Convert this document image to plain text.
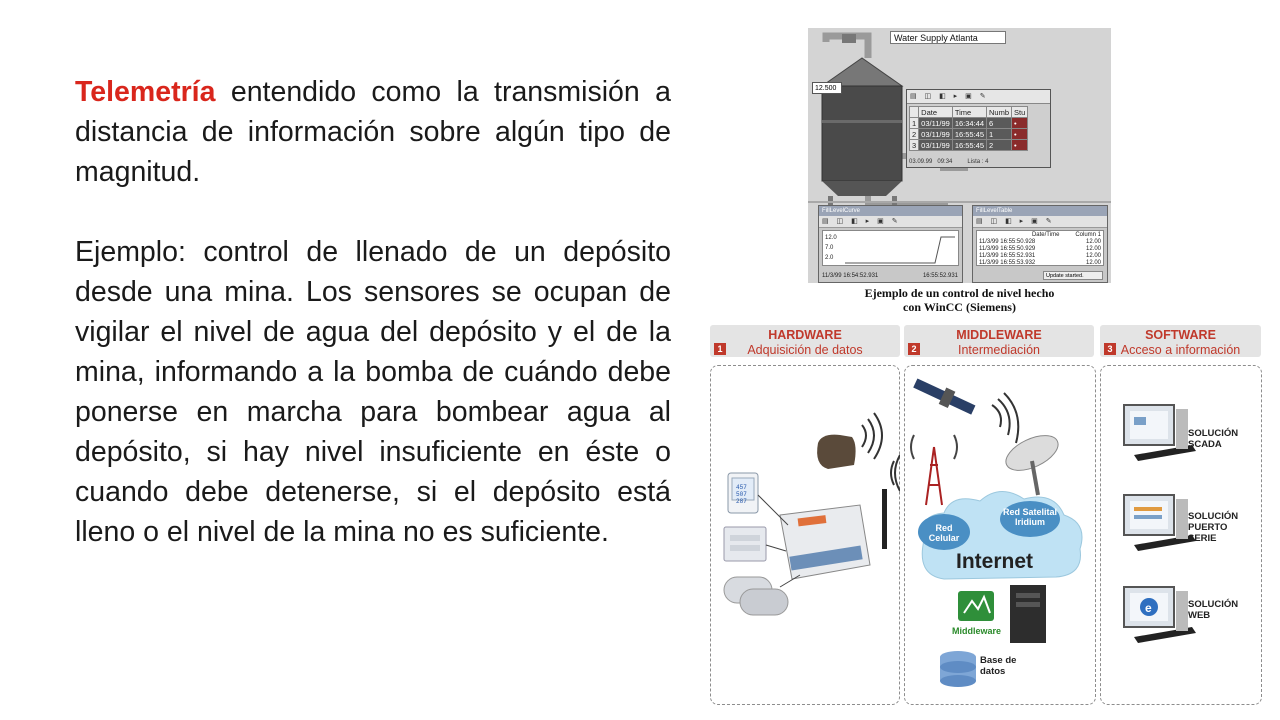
Telemetría entendido como la transmisión a distancia de información sobre algún tipo de magnitud.

Ejemplo: control de llenado de un depósito desde una mina. Los sensores se ocupan de vigilar el nivel de agua del depósito y el de la mina, informando a la bomba de cuándo debe ponerse en marcha para bombear agua al depósito, si hay nivel insuficiente en éste o cuando debe detenerse, si el depósito está lleno o el nivel de la mina no es suficiente.

Water Supply Atlanta
12.500
▤ ◫ ◧ ▸ ▣ ✎
	Date	Time	Numb	Stu
1	03/11/99	16:34:44	6	•
2	03/11/99	16:55:45	1	•
3	03/11/99	16:55:45	2	•
03.09.99 09:34	Lista : 4
FillLevelCurve
▤ ◫ ◧ ▸ ▣ ✎
12.0
7.0
2.0
11/3/99 16:54:52.931	16:55:52.931
FillLevelTable
▤ ◫ ◧ ▸ ▣ ✎
Date/Time	Column 1
11/3/99 16:55:50.928	12.00
11/3/99 16:55:50.929	12.00
11/3/99 16:55:52.931	12.00
11/3/99 16:55:53.932	12.00
Update started.
Ejemplo de un control de nivel hecho
con WinCC (Siemens)
1
HARDWARE
Adquisición de datos	2
MIDDLEWARE
Intermediación	3
SOFTWARE
Acceso a información
457
507
287
Red Celular
Red Satelital Iridium
Internet
Middleware
Base de datos
e
SOLUCIÓN SCADA
SOLUCIÓN PUERTO SERIE
SOLUCIÓN WEB
